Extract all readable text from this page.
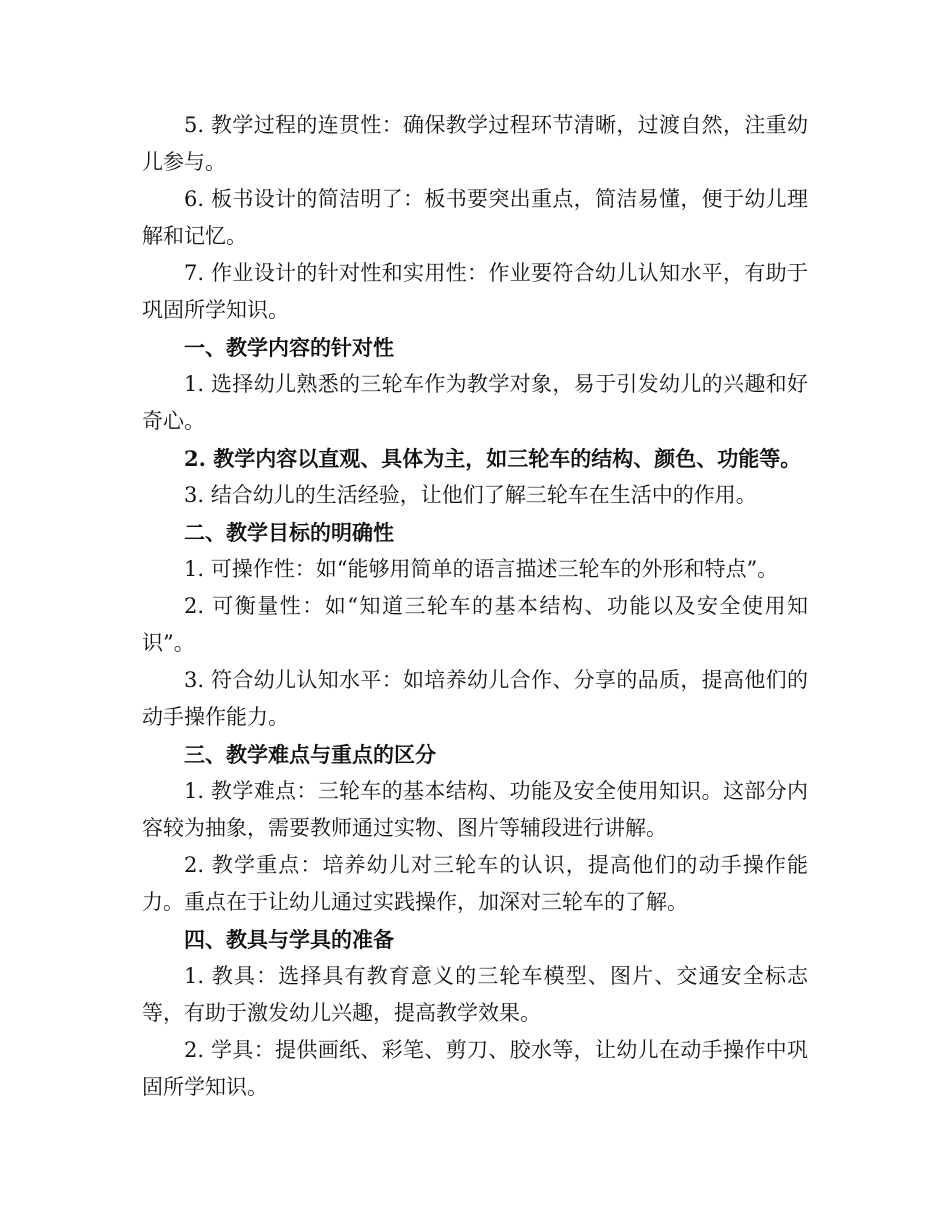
5. 教学过程的连贯性：确保教学过程环节清晰，过渡自然，注重幼儿参与。

6. 板书设计的简洁明了：板书要突出重点，简洁易懂，便于幼儿理解和记忆。

7. 作业设计的针对性和实用性：作业要符合幼儿认知水平，有助于巩固所学知识。

一、教学内容的针对性

1. 选择幼儿熟悉的三轮车作为教学对象，易于引发幼儿的兴趣和好奇心。

2. 教学内容以直观、具体为主，如三轮车的结构、颜色、功能等。

3. 结合幼儿的生活经验，让他们了解三轮车在生活中的作用。

二、教学目标的明确性

1. 可操作性：如“能够用简单的语言描述三轮车的外形和特点”。

2. 可衡量性：如“知道三轮车的基本结构、功能以及安全使用知识”。

3. 符合幼儿认知水平：如培养幼儿合作、分享的品质，提高他们的动手操作能力。

三、教学难点与重点的区分

1. 教学难点：三轮车的基本结构、功能及安全使用知识。这部分内容较为抽象，需要教师通过实物、图片等辅段进行讲解。

2. 教学重点：培养幼儿对三轮车的认识，提高他们的动手操作能力。重点在于让幼儿通过实践操作，加深对三轮车的了解。

四、教具与学具的准备

1. 教具：选择具有教育意义的三轮车模型、图片、交通安全标志等，有助于激发幼儿兴趣，提高教学效果。

2. 学具：提供画纸、彩笔、剪刀、胶水等，让幼儿在动手操作中巩固所学知识。
